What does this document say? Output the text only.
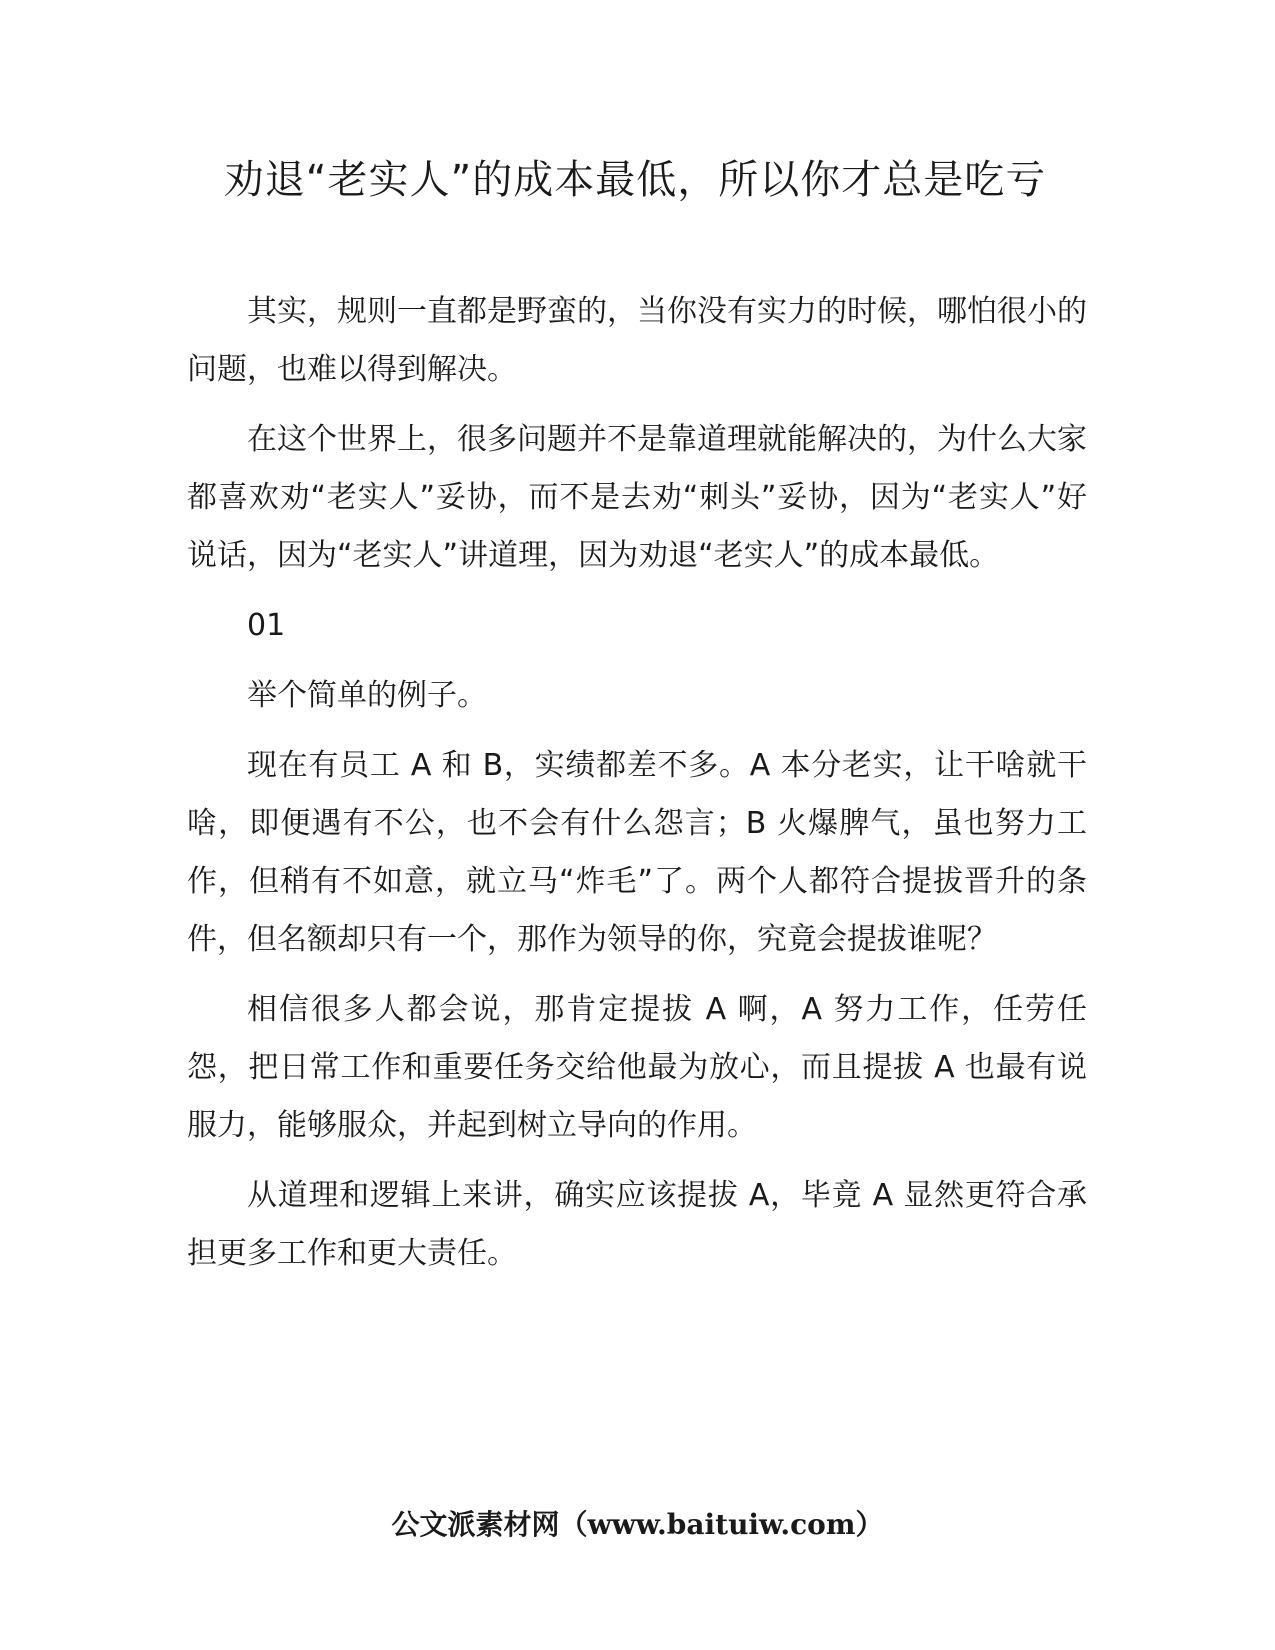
劝退“老实人”的成本最低，所以你才总是吃亏

其实，规则一直都是野蛮的，当你没有实力的时候，哪怕很小的问题，也难以得到解决。

在这个世界上，很多问题并不是靠道理就能解决的，为什么大家都喜欢劝“老实人”妥协，而不是去劝“刺头”妥协，因为“老实人”好说话，因为“老实人”讲道理，因为劝退“老实人”的成本最低。

01

举个简单的例子。

现在有员工 A 和 B，实绩都差不多。A 本分老实，让干啥就干啥，即便遇有不公，也不会有什么怨言；B 火爆脾气，虽也努力工作，但稍有不如意，就立马“炸毛”了。两个人都符合提拔晋升的条件，但名额却只有一个，那作为领导的你，究竟会提拔谁呢？

相信很多人都会说，那肯定提拔 A 啊，A 努力工作，任劳任怨，把日常工作和重要任务交给他最为放心，而且提拔 A 也最有说服力，能够服众，并起到树立导向的作用。

从道理和逻辑上来讲，确实应该提拔 A，毕竟 A 显然更符合承担更多工作和更大责任。

公文派素材网（www.baituiw.com）
